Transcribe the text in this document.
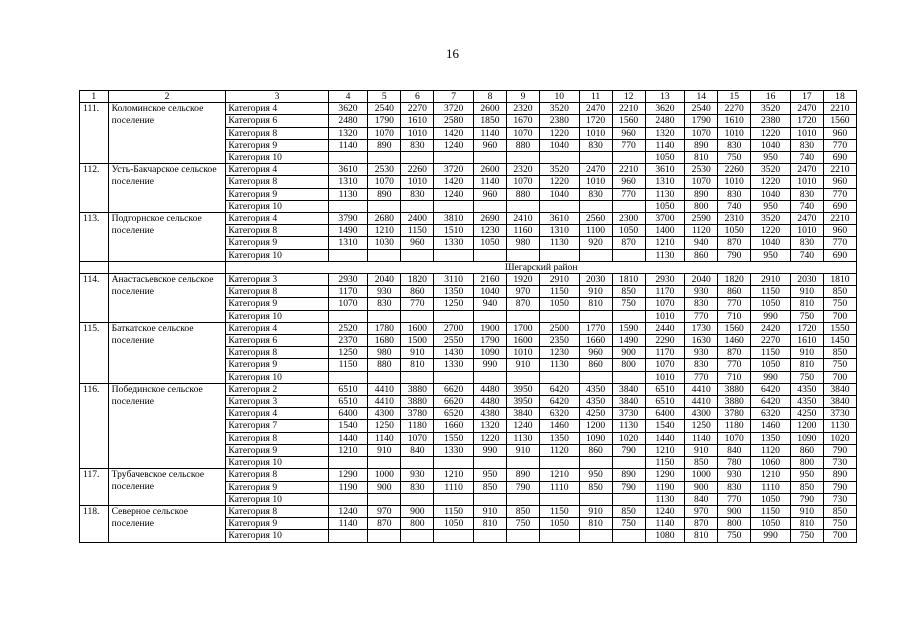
16
1	2	3	4	5	6	7	8	9	10	11	12	13	14	15	16	17	18
111.	Коломинское сельское поселение	Категория 4	3620	2540	2270	3720	2600	2320	3520	2470	2210	3620	2540	2270	3520	2470	2210
		Категория 6	2480	1790	1610	2580	1850	1670	2380	1720	1560	2480	1790	1610	2380	1720	1560
		Категория 8	1320	1070	1010	1420	1140	1070	1220	1010	960	1320	1070	1010	1220	1010	960
		Категория 9	1140	890	830	1240	960	880	1040	830	770	1140	890	830	1040	830	770
		Категория 10										1050	810	750	950	740	690
112.	Усть-Бакчарское сельское поселение	Категория 4	3610	2530	2260	3720	2600	2320	3520	2470	2210	3610	2530	2260	3520	2470	2210
		Категория 8	1310	1070	1010	1420	1140	1070	1220	1010	960	1310	1070	1010	1220	1010	960
		Категория 9	1130	890	830	1240	960	880	1040	830	770	1130	890	830	1040	830	770
		Категория 10										1050	800	740	950	740	690
113.	Подгорнское сельское поселение	Категория 4	3790	2680	2400	3810	2690	2410	3610	2560	2300	3700	2590	2310	3520	2470	2210
		Категория 8	1490	1210	1150	1510	1230	1160	1310	1100	1050	1400	1120	1050	1220	1010	960
		Категория 9	1310	1030	960	1330	1050	980	1130	920	870	1210	940	870	1040	830	770
		Категория 10										1130	860	790	950	740	690
		Шегарский район															
114.	Анастасьевское сельское поселение	Категория 3	2930	2040	1820	3110	2160	1920	2910	2030	1810	2930	2040	1820	2910	2030	1810
		Категория 8	1170	930	860	1350	1040	970	1150	910	850	1170	930	860	1150	910	850
		Категория 9	1070	830	770	1250	940	870	1050	810	750	1070	830	770	1050	810	750
		Категория 10										1010	770	710	990	750	700
115.	Баткатское сельское поселение	Категория 4	2520	1780	1600	2700	1900	1700	2500	1770	1590	2440	1730	1560	2420	1720	1550
		Категория 6	2370	1680	1500	2550	1790	1600	2350	1660	1490	2290	1630	1460	2270	1610	1450
		Категория 8	1250	980	910	1430	1090	1010	1230	960	900	1170	930	870	1150	910	850
		Категория 9	1150	880	810	1330	990	910	1130	860	800	1070	830	770	1050	810	750
		Категория 10										1010	770	710	990	750	700
116.	Побединское сельское поселение	Категория 2	6510	4410	3880	6620	4480	3950	6420	4350	3840	6510	4410	3880	6420	4350	3840
		Категория 3	6510	4410	3880	6620	4480	3950	6420	4350	3840	6510	4410	3880	6420	4350	3840
		Категория 4	6400	4300	3780	6520	4380	3840	6320	4250	3730	6400	4300	3780	6320	4250	3730
		Категория 7	1540	1250	1180	1660	1320	1240	1460	1200	1130	1540	1250	1180	1460	1200	1130
		Категория 8	1440	1140	1070	1550	1220	1130	1350	1090	1020	1440	1140	1070	1350	1090	1020
		Категория 9	1210	910	840	1330	990	910	1120	860	790	1210	910	840	1120	860	790
		Категория 10										1150	850	780	1060	800	730
117.	Трубачевское сельское поселение	Категория 8	1290	1000	930	1210	950	890	1210	950	890	1290	1000	930	1210	950	890
		Категория 9	1190	900	830	1110	850	790	1110	850	790	1190	900	830	1110	850	790
		Категория 10										1130	840	770	1050	790	730
118.	Северное сельское поселение	Категория 8	1240	970	900	1150	910	850	1150	910	850	1240	970	900	1150	910	850
		Категория 9	1140	870	800	1050	810	750	1050	810	750	1140	870	800	1050	810	750
		Категория 10										1080	810	750	990	750	700
